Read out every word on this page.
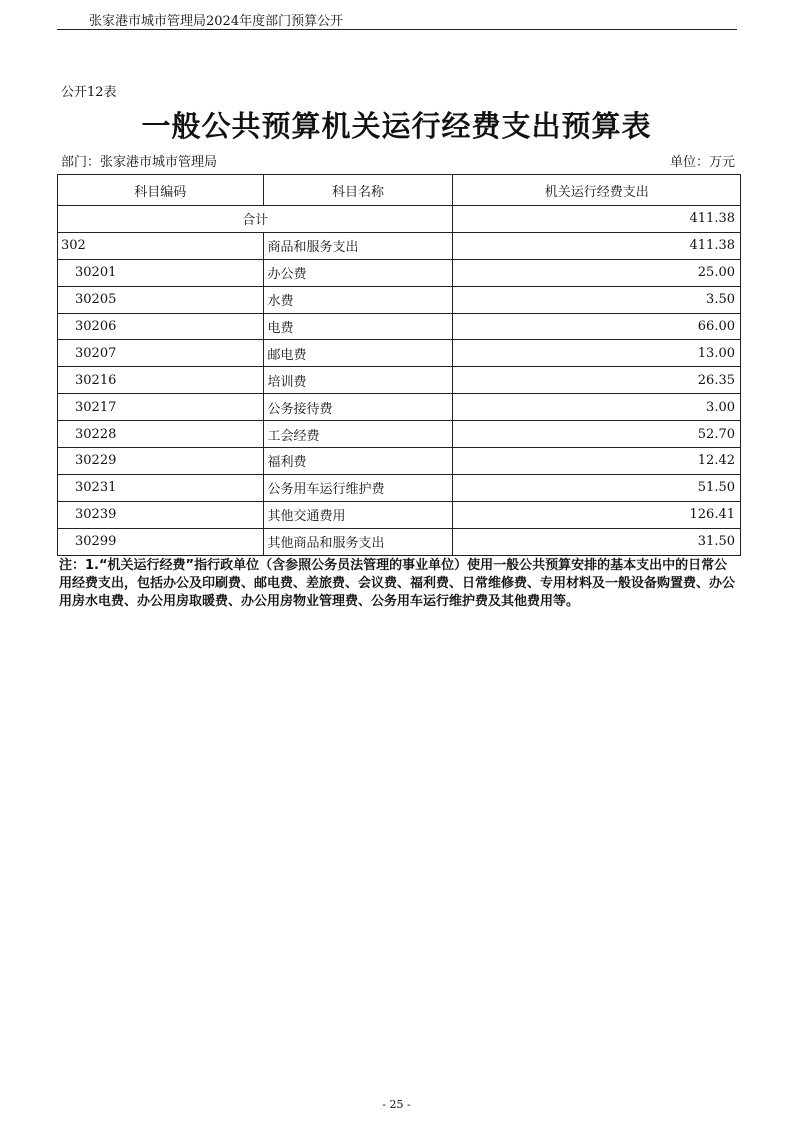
张家港市城市管理局2024年度部门预算公开
公开12表
一般公共预算机关运行经费支出预算表
部门：张家港市城市管理局	单位：万元
科目编码	科目名称	机关运行经费支出
合计		411.38
302	商品和服务支出	411.38
30201	办公费	25.00
30205	水费	3.50
30206	电费	66.00
30207	邮电费	13.00
30216	培训费	26.35
30217	公务接待费	3.00
30228	工会经费	52.70
30229	福利费	12.42
30231	公务用车运行维护费	51.50
30239	其他交通费用	126.41
30299	其他商品和服务支出	31.50
注：1.“机关运行经费”指行政单位（含参照公务员法管理的事业单位）使用一般公共预算安排的基本支出中的日常公用经费支出，包括办公及印刷费、邮电费、差旅费、会议费、福利费、日常维修费、专用材料及一般设备购置费、办公用房水电费、办公用房取暖费、办公用房物业管理费、公务用车运行维护费及其他费用等。
- 25 -
